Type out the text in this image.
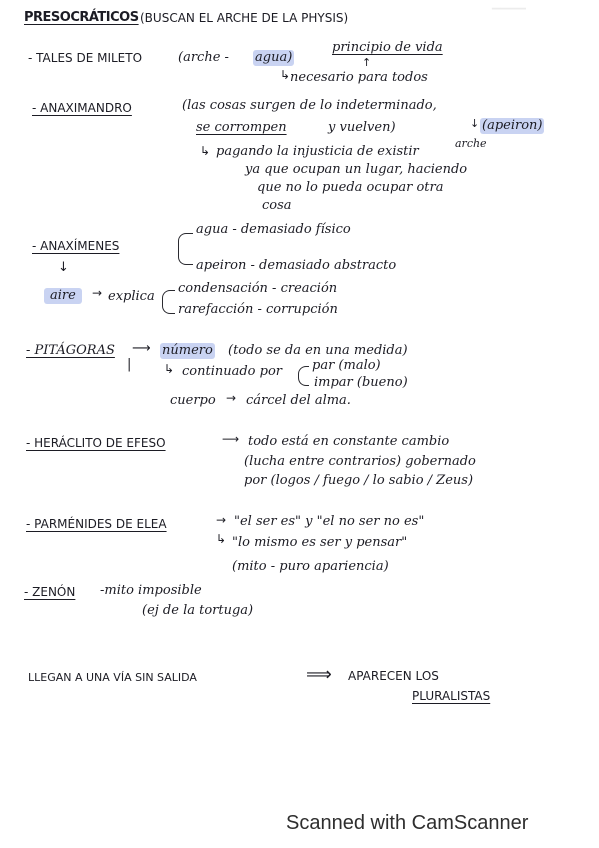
▔▔▔▔
PRESOCRÁTICOS (BUSCAN EL ARCHE DE LA PHYSIS)
- TALES DE MILETO	(arche - agua)
principio de vida
↑
necesario para todos
↳
- ANAXIMANDRO	(las cosas surgen de lo indeterminado,
se corrompen	y vuelven)
arche
↓ (apeiron)
↳ pagando la injusticia de existir
ya que ocupan un lugar, haciendo
que no lo pueda ocupar otra
cosa
- ANAXÍMENES
agua - demasiado físico
apeiron - demasiado abstracto
↓
aire	→ explica
condensación - creación
rarefacción - corrupción
- PITÁGORAS ⟶ número (todo se da en una medida)
|	↳ continuado por par (malo)
impar (bueno)
cuerpo → cárcel del alma.
- HERÁCLITO DE EFESO	⟶ todo está en constante cambio
(lucha entre contrarios) gobernado
por (logos / fuego / lo sabio / Zeus)
- PARMÉNIDES DE ELEA	→ "el ser es" y "el no ser no es"
↳ "lo mismo es ser y pensar"
(mito - puro apariencia)
- ZENÓN -mito imposible
(ej de la tortuga)
LLEGAN A UNA VÍA SIN SALIDA	⟹ APARECEN LOS
PLURALISTAS
Scanned with CamScanner
